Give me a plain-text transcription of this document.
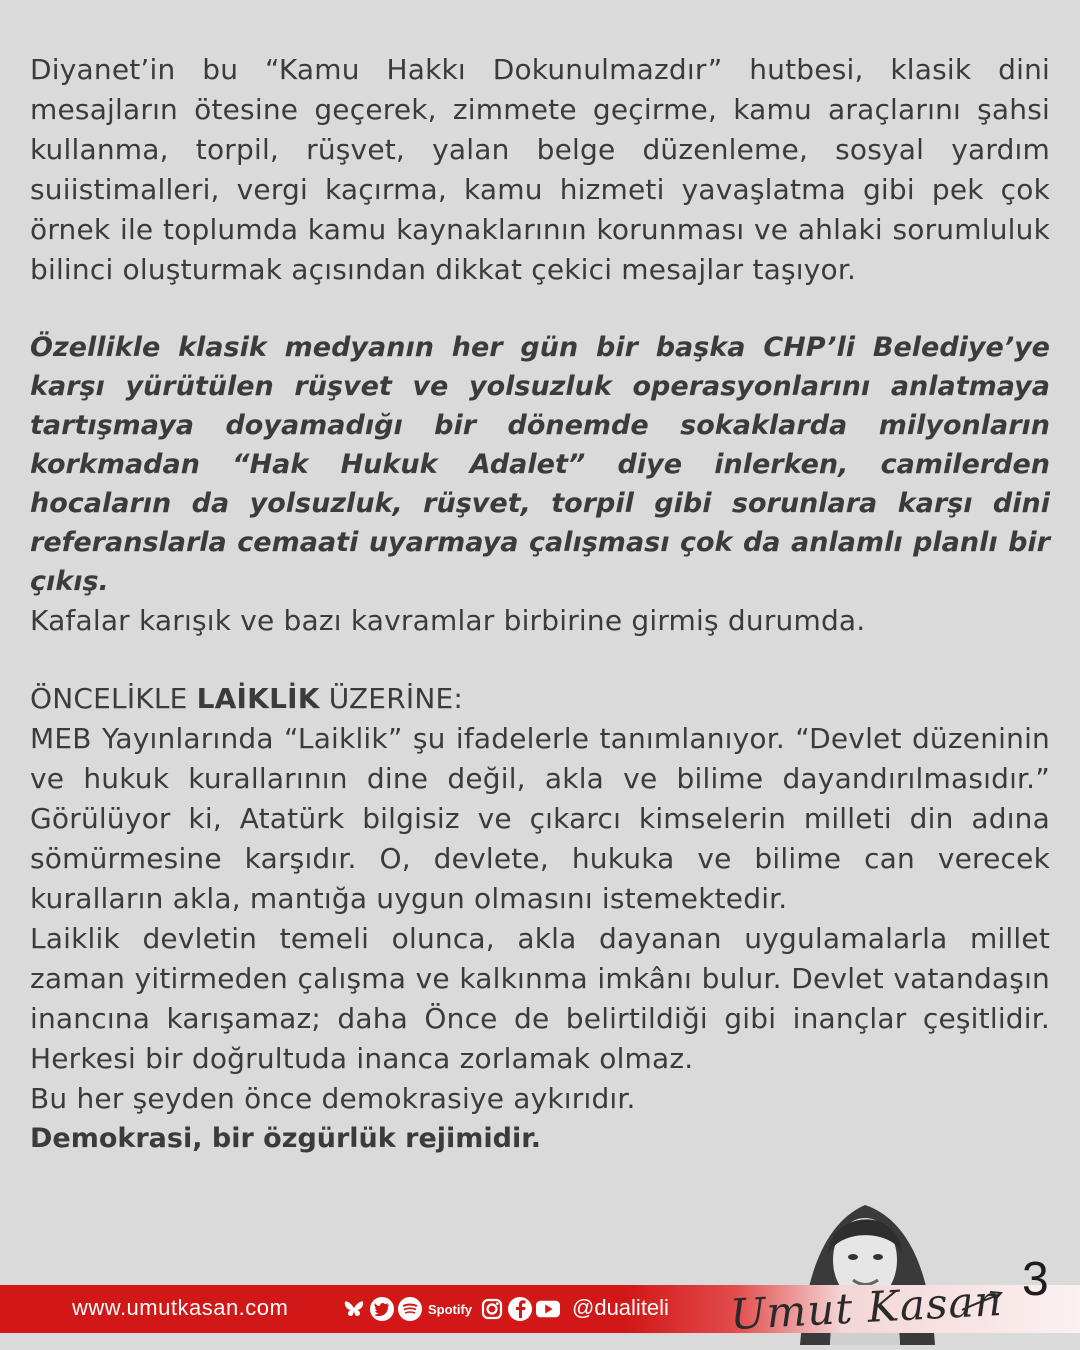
Diyanet’in bu “Kamu Hakkı Dokunulmazdır” hutbesi, klasik dini mesajların ötesine geçerek, zimmete geçirme, kamu araçlarını şahsi kullanma, torpil, rüşvet, yalan belge düzenleme, sosyal yardım suiistimalleri, vergi kaçırma, kamu hizmeti yavaşlatma gibi pek çok örnek ile toplumda kamu kaynaklarının korunması ve ahlaki sorumluluk bilinci oluşturmak açısından dikkat çekici mesajlar taşıyor.

Özellikle klasik medyanın her gün bir başka CHP’li Belediye’ye karşı yürütülen rüşvet ve yolsuzluk operasyonlarını anlatmaya tartışmaya doyamadığı bir dönemde sokaklarda milyonların korkmadan “Hak Hukuk Adalet” diye inlerken, camilerden hocaların da yolsuzluk, rüşvet, torpil gibi sorunlara karşı dini referanslarla cemaati uyarmaya çalışması çok da anlamlı planlı bir çıkış.

Kafalar karışık ve bazı kavramlar birbirine girmiş durumda.

ÖNCELİKLE LAİKLİK ÜZERİNE:

MEB Yayınlarında “Laiklik” şu ifadelerle tanımlanıyor. “Devlet düzeninin ve hukuk kurallarının dine değil, akla ve bilime dayandırılmasıdır.” Görülüyor ki, Atatürk bilgisiz ve çıkarcı kimselerin milleti din adına sömürmesine karşıdır. O, devlete, hukuka ve bilime can verecek kuralların akla, mantığa uygun olmasını istemektedir.

Laiklik devletin temeli olunca, akla dayanan uygulamalarla millet zaman yitirmeden çalışma ve kalkınma imkânı bulur. Devlet vatandaşın inancına karışamaz; daha Önce de belirtildiği gibi inançlar çeşitlidir. Herkesi bir doğrultuda inanca zorlamak olmaz.

Bu her şeyden önce demokrasiye aykırıdır.

Demokrasi, bir özgürlük rejimidir.

www.umutkasan.com	Spotify	@dualiteli Umut Kasan 3
